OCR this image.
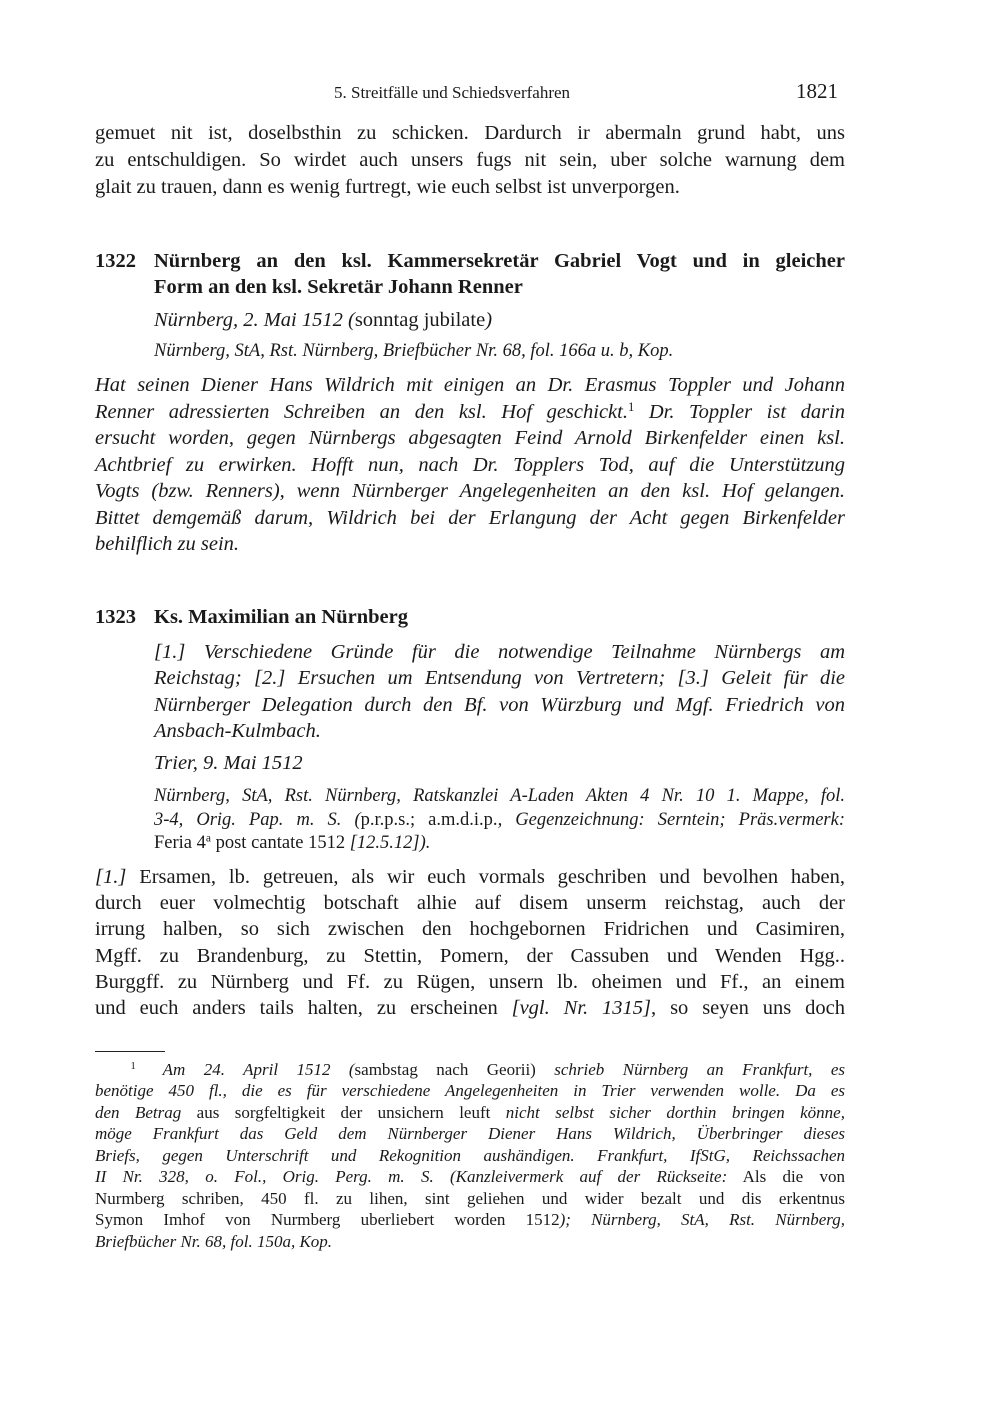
5. Streitfälle und Schiedsverfahren	1821
1322
1323
gemuet nit ist, doselbsthin zu schicken. Dardurch ir abermaln grund habt, uns
zu entschuldigen. So wirdet auch unsers fugs nit sein, uber solche warnung dem
glait zu trauen, dann es wenig furtregt, wie euch selbst ist unverporgen.
Nürnberg an den ksl. Kammersekretär Gabriel Vogt und in gleicher
Form an den ksl. Sekretär Johann Renner
Nürnberg, 2. Mai 1512 (sonntag jubilate)
Nürnberg, StA, Rst. Nürnberg, Briefbücher Nr. 68, fol. 166a u. b, Kop.
Hat seinen Diener Hans Wildrich mit einigen an Dr. Erasmus Toppler und Johann
Renner adressierten Schreiben an den ksl. Hof geschickt.$^1$ Dr. Toppler ist darin
ersucht worden, gegen Nürnbergs abgesagten Feind Arnold Birkenfelder einen ksl.
Achtbrief zu erwirken. Hofft nun, nach Dr. Topplers Tod, auf die Unterstützung
Vogts (bzw. Renners), wenn Nürnberger Angelegenheiten an den ksl. Hof gelangen.
Bittet demgemäß darum, Wildrich bei der Erlangung der Acht gegen Birkenfelder
behilflich zu sein.
Ks. Maximilian an Nürnberg
[1.] Verschiedene Gründe für die notwendige Teilnahme Nürnbergs am
Reichstag; [2.] Ersuchen um Entsendung von Vertretern; [3.] Geleit für die
Nürnberger Delegation durch den Bf. von Würzburg und Mgf. Friedrich von
Ansbach-Kulmbach.
Trier, 9. Mai 1512
Nürnberg, StA, Rst. Nürnberg, Ratskanzlei A-Laden Akten 4 Nr. 10 1. Mappe, fol.
3-4, Orig. Pap. m. S. (p.r.p.s.; a.m.d.i.p., Gegenzeichnung: Serntein; Präs.vermerk:
Feria 4$^a$ post cantate 1512 [12.5.12]).
[1.] Ersamen, lb. getreuen, als wir euch vormals geschriben und bevolhen haben,
durch euer volmechtig botschaft alhie auf disem unserm reichstag, auch der
irrung halben, so sich zwischen den hochgebornen Fridrichen und Casimiren,
Mgff. zu Brandenburg, zu Stettin, Pomern, der Cassuben und Wenden Hgg..
Burggff. zu Nürnberg und Ff. zu Rügen, unsern lb. oheimen und Ff., an einem
und euch anders tails halten, zu erscheinen [vgl. Nr. 1315], so seyen uns doch
  $^1$  Am 24. April 1512 (sambstag nach Georii) schrieb Nürnberg an Frankfurt, es
benötige 450 fl., die es für verschiedene Angelegenheiten in Trier verwenden wolle. Da es
den Betrag aus sorgfeltigkeit der unsichern leuft nicht selbst sicher dorthin bringen könne,
möge Frankfurt das Geld dem Nürnberger Diener Hans Wildrich, Überbringer dieses
Briefs, gegen Unterschrift und Rekognition aushändigen. Frankfurt, IfStG, Reichssachen
II Nr. 328, o. Fol., Orig. Perg. m. S. (Kanzleivermerk auf der Rückseite: Als die von
Nurmberg schriben, 450 fl. zu lihen, sint geliehen und wider bezalt und dis erkentnus
Symon Imhof von Nurmberg uberliebert worden 1512); Nürnberg, StA, Rst. Nürnberg,
Briefbücher Nr. 68, fol. 150a, Kop.
